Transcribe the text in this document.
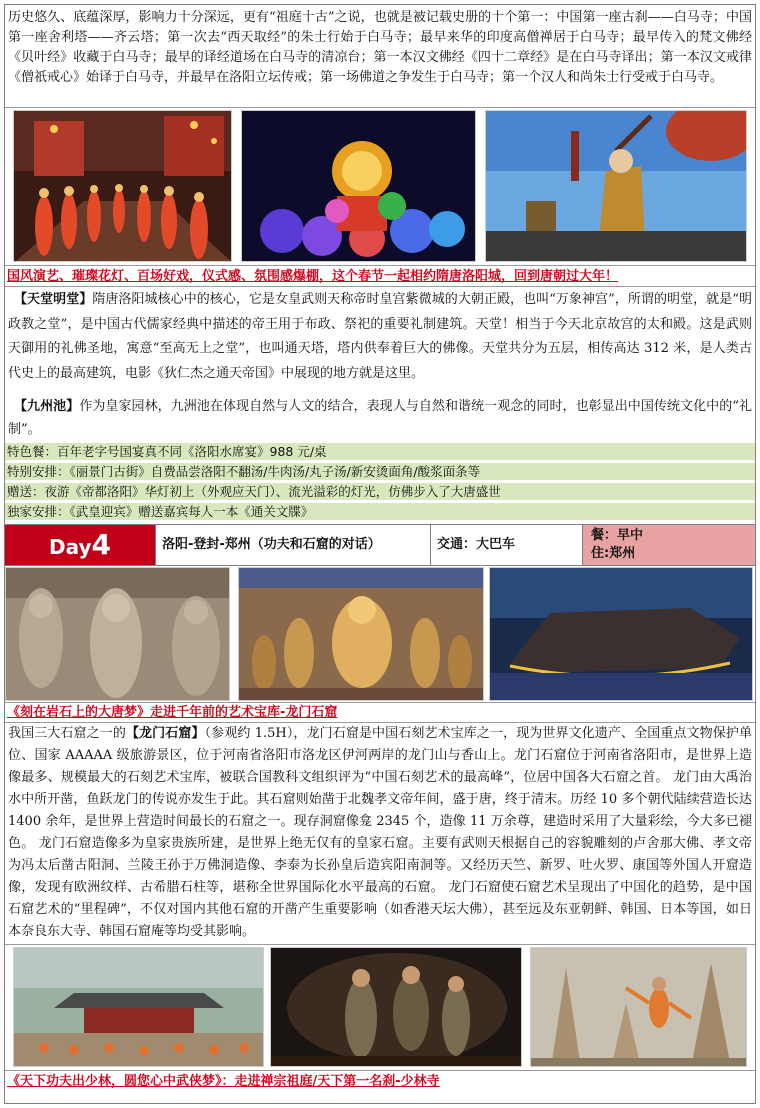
历史悠久、底蕴深厚，影响力十分深远，更有“祖庭十古”之说，也就是被记载史册的十个第一：中国第一座古刹——白马寺；中国第一座舍利塔——齐云塔；第一次去“西天取经”的朱士行始于白马寺；最早来华的印度高僧禅居于白马寺；最早传入的梵文佛经《贝叶经》收藏于白马寺；最早的译经道场在白马寺的清凉台；第一本汉文佛经《四十二章经》是在白马寺译出；第一本汉文戒律《僧祇戒心》始译于白马寺，并最早在洛阳立坛传戒；第一场佛道之争发生于白马寺；第一个汉人和尚朱士行受戒于白马寺。

国风演艺、璀璨花灯、百场好戏，仪式感、氛围感爆棚，这个春节一起相约隋唐洛阳城，回到唐朝过大年！

【天堂明堂】隋唐洛阳城核心中的核心，它是女皇武则天称帝时皇宫紫微城的大朝正殿，也叫“万象神宫”，所谓的明堂，就是“明政教之堂”，是中国古代儒家经典中描述的帝王用于布政、祭祀的重要礼制建筑。天堂！相当于今天北京故宫的太和殿。这是武则天御用的礼佛圣地，寓意“至高无上之堂”，也叫通天塔，塔内供奉着巨大的佛像。天堂共分为五层，相传高达 312 米，是人类古代史上的最高建筑，电影《狄仁杰之通天帝国》中展现的地方就是这里。

【九州池】作为皇家园林，九洲池在体现自然与人文的结合，表现人与自然和谐统一观念的同时，也彰显出中国传统文化中的“礼制”。

特色餐：百年老字号国宴真不同《洛阳水席宴》988 元/桌
特别安排：《丽景门古街》自费品尝洛阳不翻汤/牛肉汤/丸子汤/新安烫面角/酸浆面条等
赠送：夜游《帝都洛阳》华灯初上（外观应天门）、流光溢彩的灯光，仿佛步入了大唐盛世
独家安排：《武皇迎宾》赠送嘉宾每人一本《通关文牒》
Day4	洛阳-登封-郑州（功夫和石窟的对话）	交通：大巴车
餐：早中
住:郑州
《刻在岩石上的大唐梦》走进千年前的艺术宝库-龙门石窟

我国三大石窟之一的【龙门石窟】（参观约 1.5H），龙门石窟是中国石刻艺术宝库之一，现为世界文化遗产、全国重点文物保护单位、国家 AAAAA 级旅游景区，位于河南省洛阳市洛龙区伊河两岸的龙门山与香山上。龙门石窟位于河南省洛阳市，是世界上造像最多、规模最大的石刻艺术宝库，被联合国教科文组织评为“中国石刻艺术的最高峰”，位居中国各大石窟之首。 龙门由大禹治水中所开凿，鱼跃龙门的传说亦发生于此。其石窟则始凿于北魏孝文帝年间，盛于唐，终于清末。历经 10 多个朝代陆续营造长达 1400 余年，是世界上营造时间最长的石窟之一。现存洞窟像龛 2345 个，造像 11 万余尊，建造时采用了大量彩绘，今大多已褪色。 龙门石窟造像多为皇家贵族所建，是世界上绝无仅有的皇家石窟。主要有武则天根据自己的容貌雕刻的卢舍那大佛、孝文帝为冯太后凿古阳洞、兰陵王孙于万佛洞造像、李泰为长孙皇后造宾阳南洞等。又经历天竺、新罗、吐火罗、康国等外国人开窟造像，发现有欧洲纹样、古希腊石柱等，堪称全世界国际化水平最高的石窟。 龙门石窟使石窟艺术呈现出了中国化的趋势，是中国石窟艺术的“里程碑”，不仅对国内其他石窟的开凿产生重要影响（如香港天坛大佛），甚至远及东亚朝鲜、韩国、日本等国，如日本奈良东大寺、韩国石窟庵等均受其影响。

《天下功夫出少林，圆您心中武侠梦》：走进禅宗祖庭/天下第一名刹-少林寺
